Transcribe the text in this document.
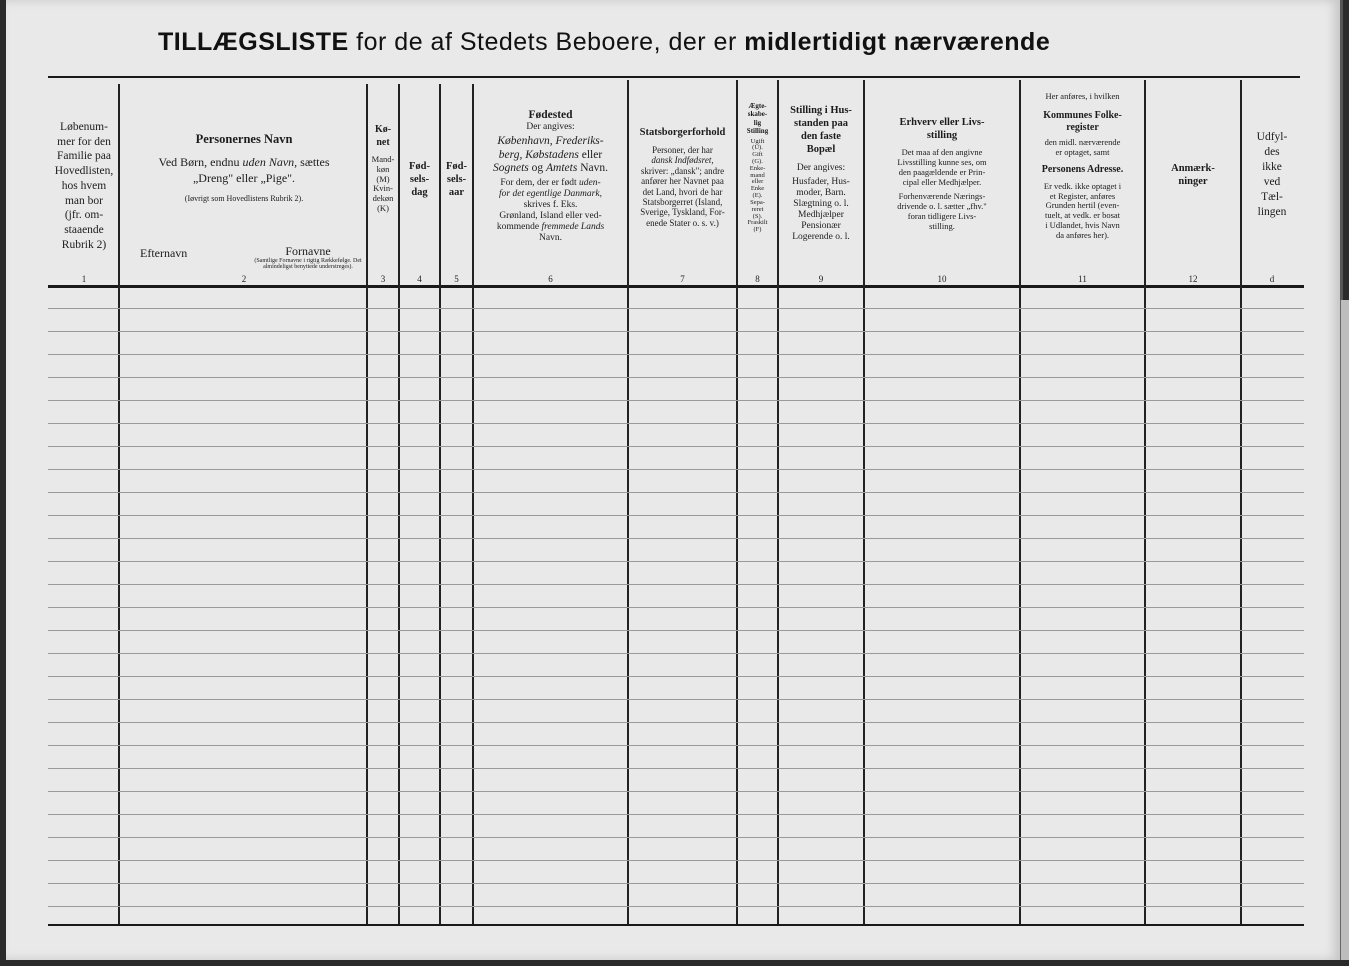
TILLÆGSLISTE for de af Stedets Beboere, der er midlertidigt nærværende
Løbenum-
mer for den
Familie paa
Hovedlisten,
hos hvem
man bor
(jfr. om-
staaende
Rubrik 2)
1
Personernes Navn
Ved Børn, endnu uden Navn, sættes
„Dreng" eller „Pige".
(Iøvrigt som Hovedlistens Rubrik 2).
Efternavn	Fornavne
(Samtlige Fornavne i rigtig Rækkefølge. Det almindeligst benyttede understreges).
2
Kø-
net
Mand-
køn
(M)
Kvin-
dekøn
(K)
3
Fød-
sels-
dag
4
Fød-
sels-
aar
5
Fødested
Der angives:
København, Frederiks-
berg, Købstadens eller
Sognets og Amtets Navn.
For dem, der er født uden-
for det egentlige Danmark,
skrives f. Eks.
Grønland, Island eller ved-
kommende fremmede Lands
Navn.
6
Statsborgerforhold
Personer, der har
dansk Indfødsret,
skriver: „dansk"; andre
anfører her Navnet paa
det Land, hvori de har
Statsborgerret (Island,
Sverige, Tyskland, For-
enede Stater o. s. v.)
7
Ægte-
skabe-
lig
Stilling
Ugift
(U).
Gift
(G).
Enke-
mand
eller
Enke
(E).
Sepa-
reret
(S).
Fraskilt
(F)
8
Stilling i Hus-
standen paa
den faste
Bopæl
Der angives:
Husfader, Hus-
moder, Barn.
Slægtning o. l.
Medhjælper
Pensionær
Logerende o. l.
9
Erhverv eller Livs-
stilling
Det maa af den angivne
Livsstilling kunne ses, om
den paagældende er Prin-
cipal eller Medhjælper.
Forhenværende Nærings-
drivende o. l. sætter „fhv."
foran tidligere Livs-
stilling.
10
Her anføres, i hvilken
Kommunes Folke-
register
den midl. nærværende
er optaget, samt
Personens Adresse.
Er vedk. ikke optaget i
et Register, anføres
Grunden hertil (even-
tuelt, at vedk. er bosat
i Udlandet, hvis Navn
da anføres her).
11
Anmærk-
ninger
12
Udfyl-
des
ikke
ved
Tæl-
lingen
d
